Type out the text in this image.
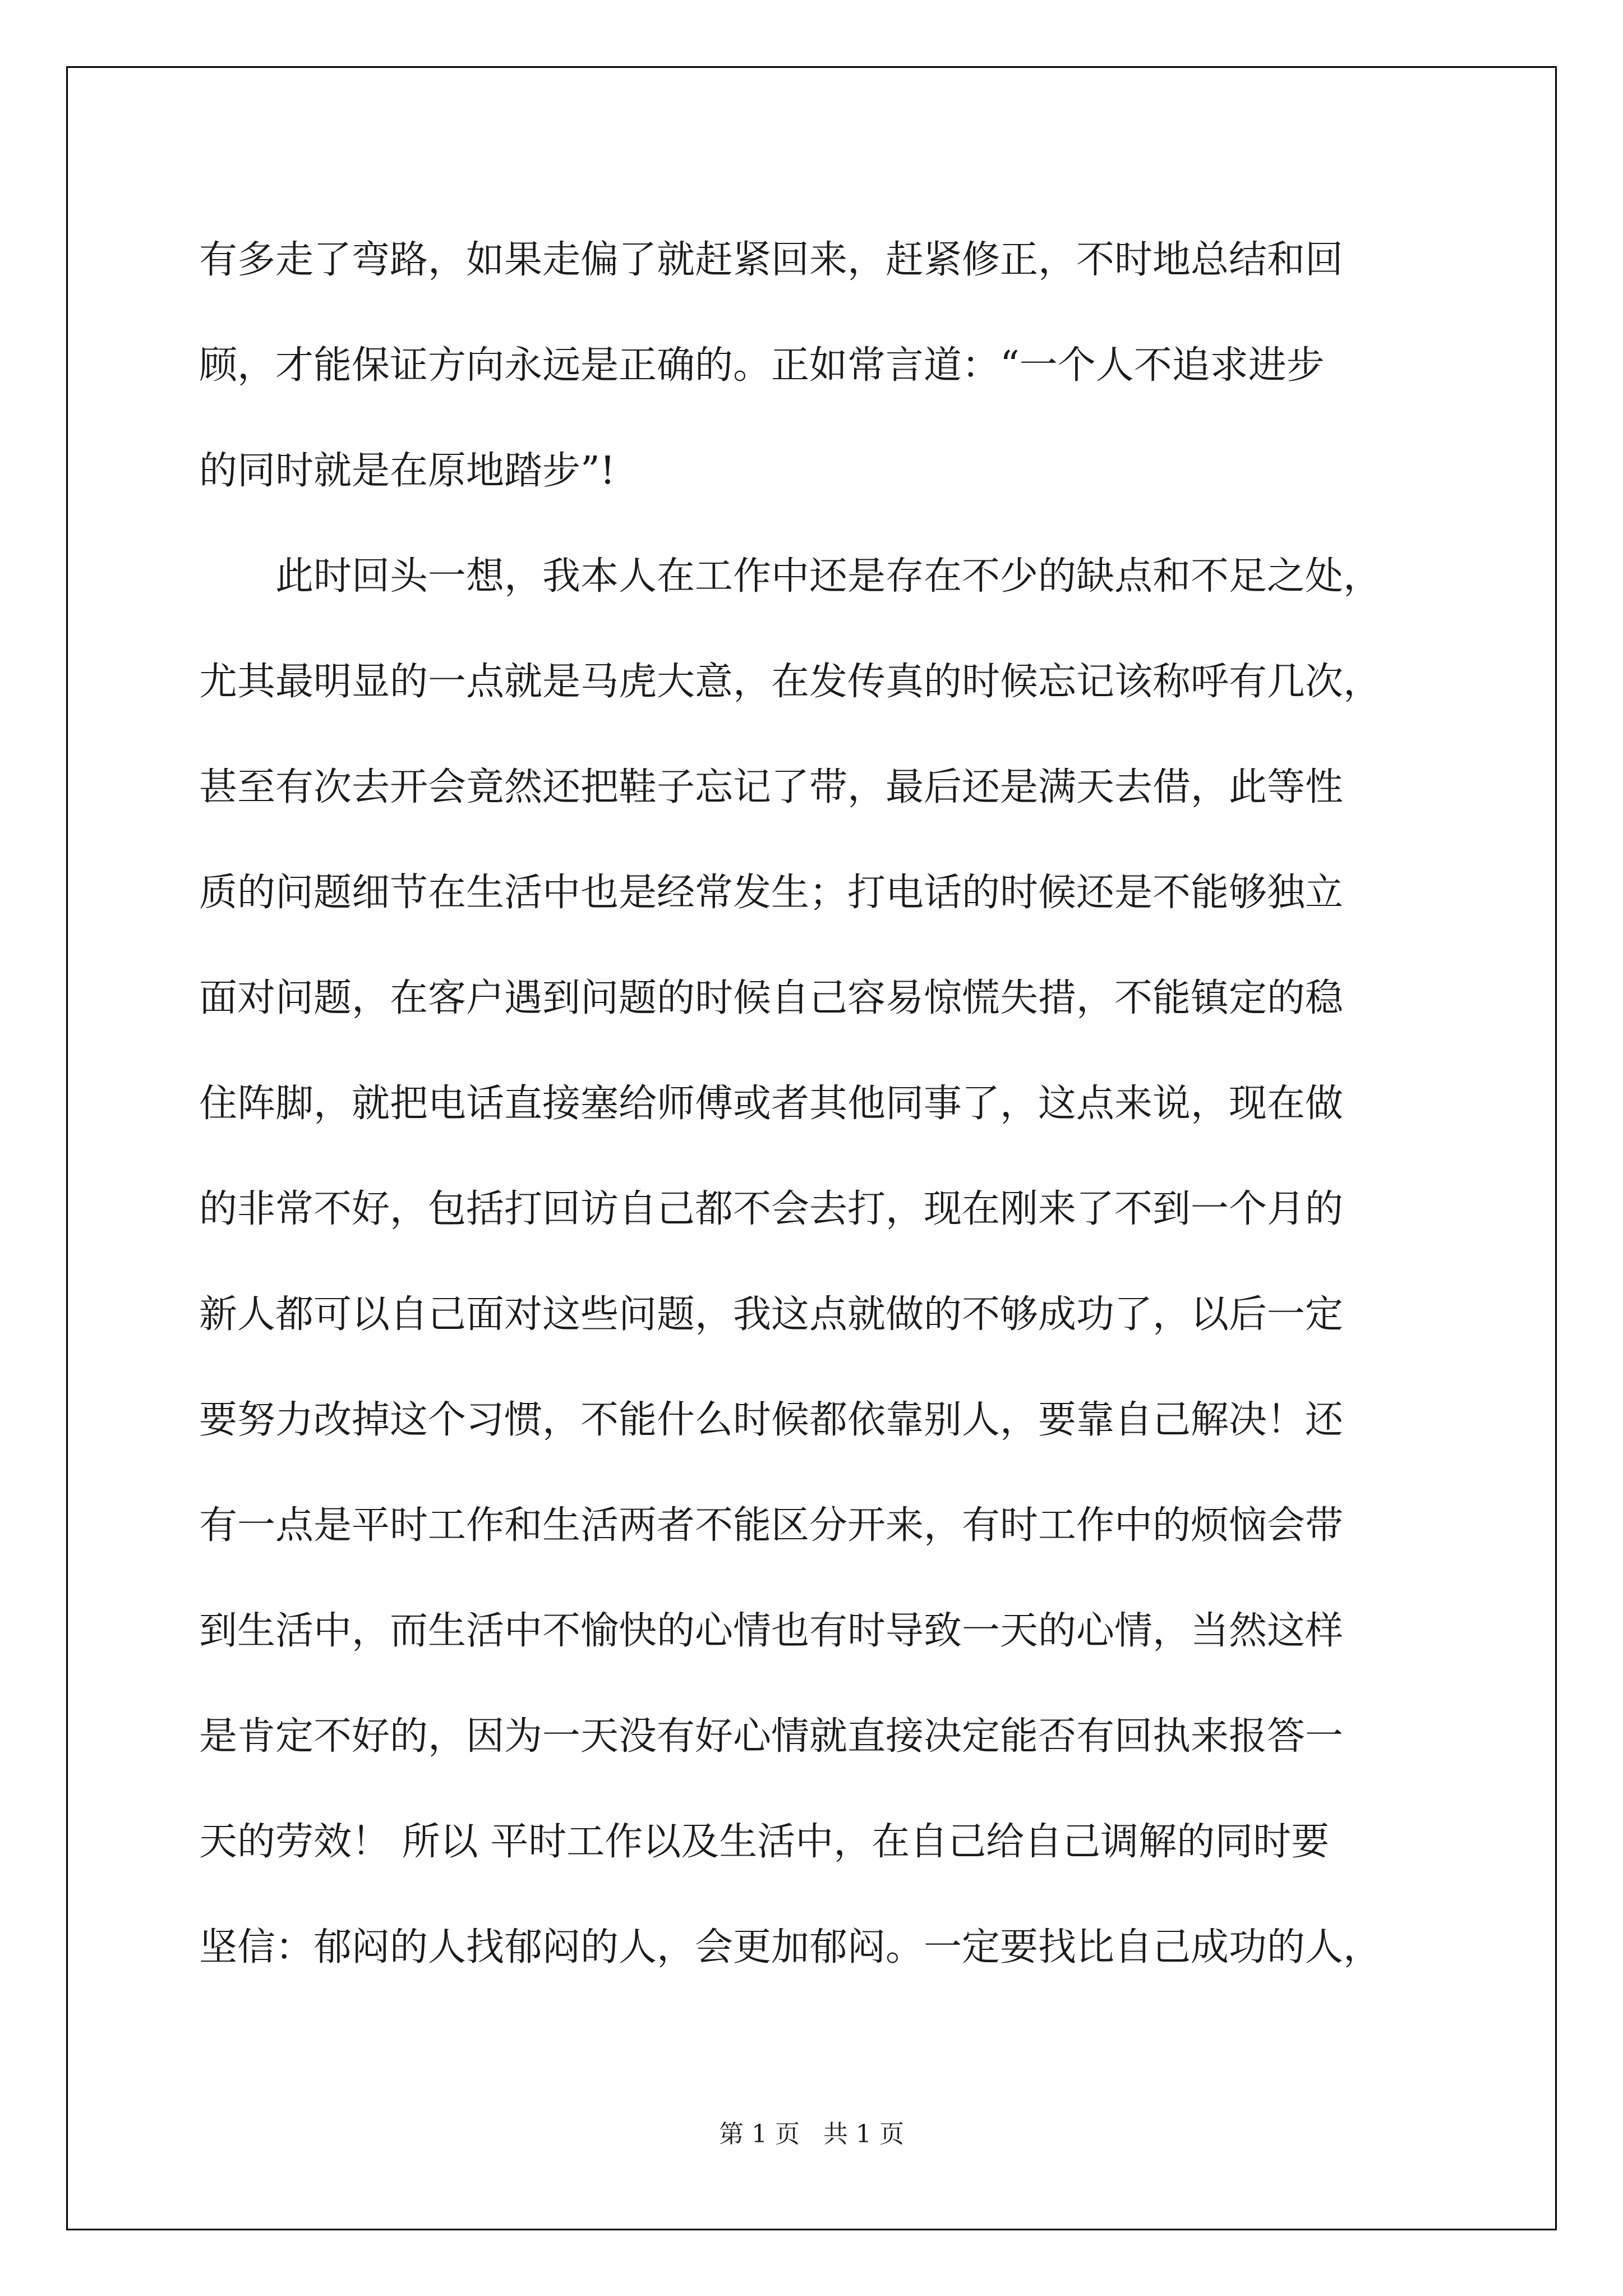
有多走了弯路，如果走偏了就赶紧回来，赶紧修正，不时地总结和回
顾，才能保证方向永远是正确的。正如常言道：“一个人不追求进步
的同时就是在原地踏步”!
此时回头一想，我本人在工作中还是存在不少的缺点和不足之处，
尤其最明显的一点就是马虎大意，在发传真的时候忘记该称呼有几次，
甚至有次去开会竟然还把鞋子忘记了带，最后还是满天去借，此等性
质的问题细节在生活中也是经常发生；打电话的时候还是不能够独立
面对问题，在客户遇到问题的时候自己容易惊慌失措，不能镇定的稳
住阵脚，就把电话直接塞给师傅或者其他同事了，这点来说，现在做
的非常不好，包括打回访自己都不会去打，现在刚来了不到一个月的
新人都可以自己面对这些问题，我这点就做的不够成功了，以后一定
要努力改掉这个习惯，不能什么时候都依靠别人，要靠自己解决！还
有一点是平时工作和生活两者不能区分开来，有时工作中的烦恼会带
到生活中，而生活中不愉快的心情也有时导致一天的心情，当然这样
是肯定不好的，因为一天没有好心情就直接决定能否有回执来报答一
天的劳效！ 所以 平时工作以及生活中，在自己给自己调解的同时要
坚信：郁闷的人找郁闷的人，会更加郁闷。一定要找比自己成功的人，
第 1 页   共 1 页
